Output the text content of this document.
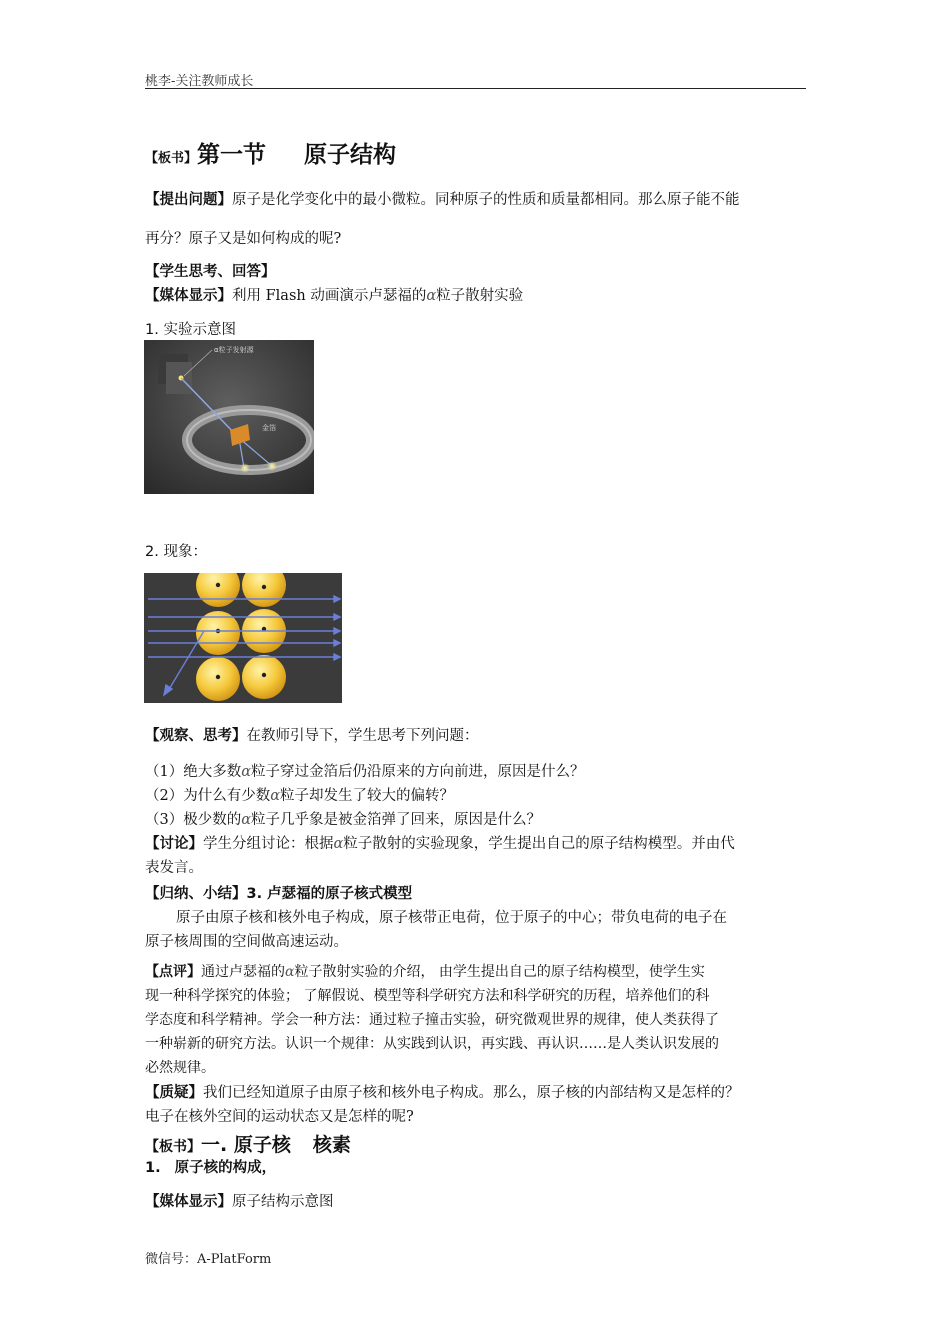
桃李-关注教师成长
【板书】第一节 原子结构
【提出问题】原子是化学变化中的最小微粒。同种原子的性质和质量都相同。那么原子能不能
再分？原子又是如何构成的呢?
【学生思考、回答】
【媒体显示】利用 Flash 动画演示卢瑟福的α粒子散射实验
1. 实验示意图
α粒子发射源
金箔
2. 现象：
【观察、思考】在教师引导下，学生思考下列问题：
（1）绝大多数α粒子穿过金箔后仍沿原来的方向前进，原因是什么？
（2）为什么有少数α粒子却发生了较大的偏转？
（3）极少数的α粒子几乎象是被金箔弹了回来，原因是什么？
【讨论】学生分组讨论：根据α粒子散射的实验现象，学生提出自己的原子结构模型。并由代
表发言。
【归纳、小结】3. 卢瑟福的原子核式模型
原子由原子核和核外电子构成，原子核带正电荷，位于原子的中心；带负电荷的电子在
原子核周围的空间做高速运动。
【点评】通过卢瑟福的α粒子散射实验的介绍， 由学生提出自己的原子结构模型，使学生实
现一种科学探究的体验； 了解假说、模型等科学研究方法和科学研究的历程，培养他们的科
学态度和科学精神。学会一种方法：通过粒子撞击实验，研究微观世界的规律，使人类获得了
一种崭新的研究方法。认识一个规律：从实践到认识，再实践、再认识……是人类认识发展的
必然规律。
【质疑】我们已经知道原子由原子核和核外电子构成。那么，原子核的内部结构又是怎样的？
电子在核外空间的运动状态又是怎样的呢?
【板书】一. 原子核 核素
1. 原子核的构成，
【媒体显示】原子结构示意图
微信号：A-PlatForm
